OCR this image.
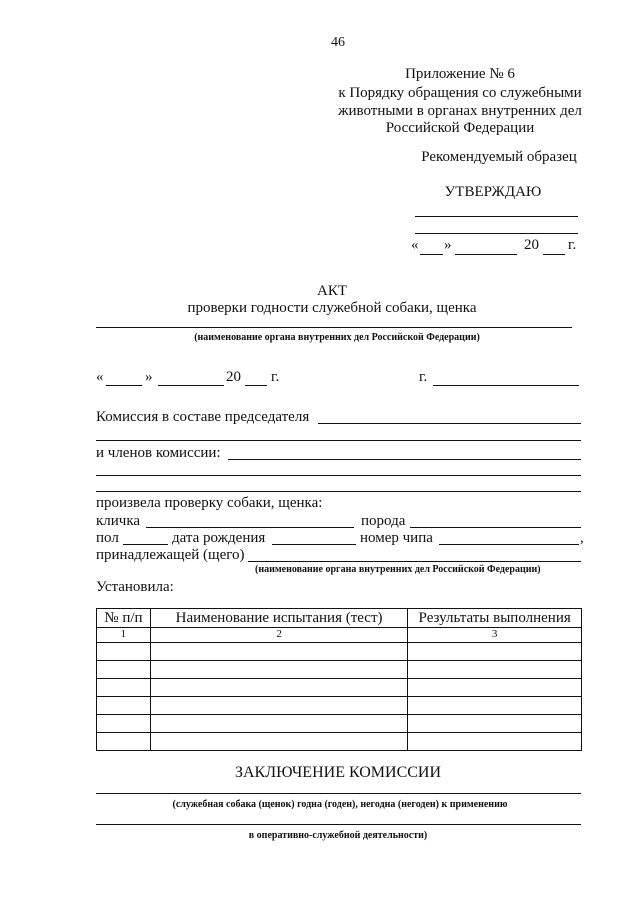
46
Приложение № 6
к Порядку обращения со служебными
животными в органах внутренних дел
Российской Федерации
Рекомендуемый образец
УТВЕРЖДАЮ
« »	20 г.
АКТ
проверки годности служебной собаки, щенка
(наименование органа внутренних дел Российской Федерации)
«	»	20 г.	г.
Комиссия в составе председателя
и членов комиссии:
произвела проверку собаки, щенка:
кличка	порода
пол	дата рождения	номер чипа	,
принадлежащей (щего)
(наименование органа внутренних дел Российской Федерации)
Установила:
№ п/п	Наименование испытания (тест)	Результаты выполнения
1	2	3

ЗАКЛЮЧЕНИЕ КОМИССИИ
(служебная собака (щенок) годна (годен), негодна (негоден) к применению
в оперативно-служебной деятельности)
